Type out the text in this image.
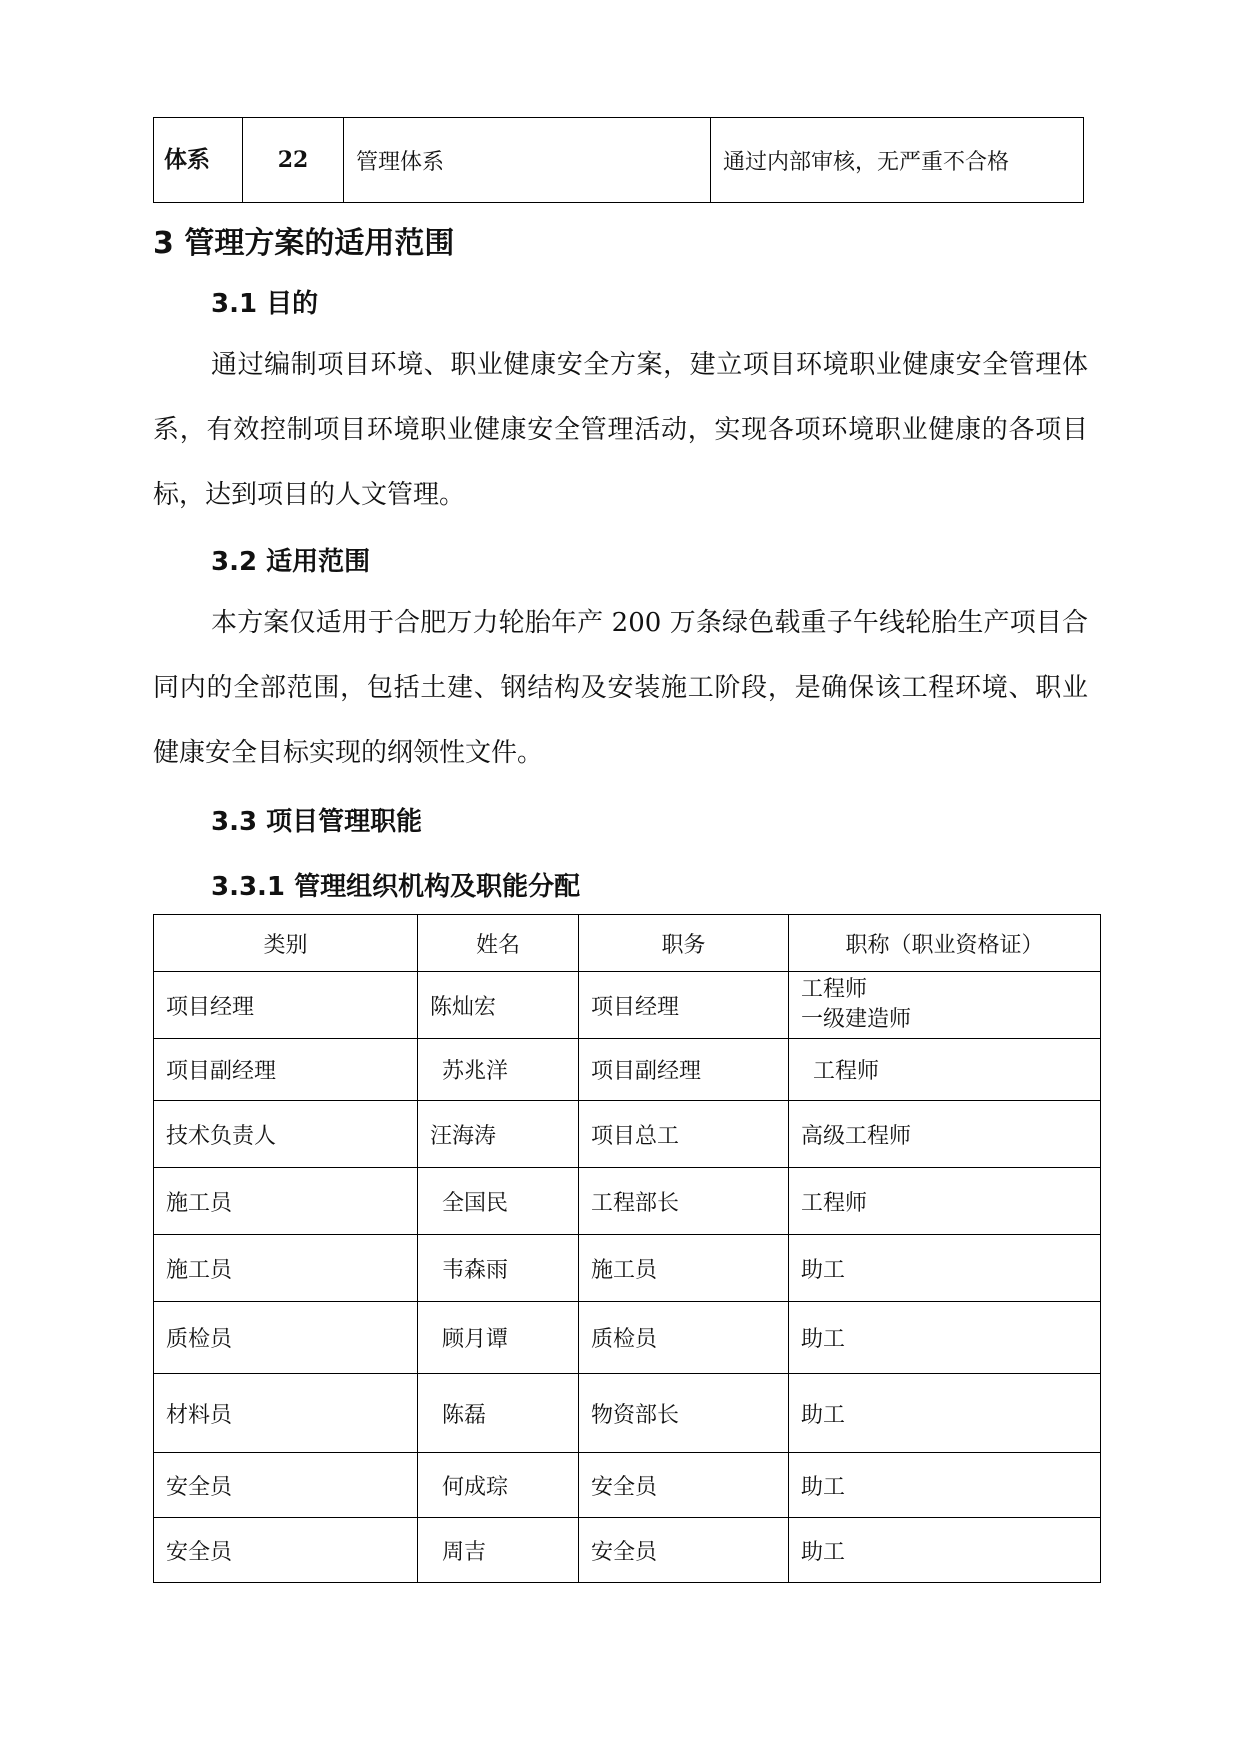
体系	22	管理体系	通过内部审核，无严重不合格
3 管理方案的适用范围
3.1 目的
通过编制项目环境、职业健康安全方案，建立项目环境职业健康安全管理体系，有效控制项目环境职业健康安全管理活动，实现各项环境职业健康的各项目标，达到项目的人文管理。
3.2 适用范围
本方案仅适用于合肥万力轮胎年产 200 万条绿色载重子午线轮胎生产项目合同内的全部范围，包括土建、钢结构及安装施工阶段，是确保该工程环境、职业健康安全目标实现的纲领性文件。
3.3 项目管理职能
3.3.1 管理组织机构及职能分配
类别	姓名	职务	职称（职业资格证）
项目经理	陈灿宏	项目经理	工程师
一级建造师

项目副经理	苏兆洋	项目副经理	工程师
技术负责人	汪海涛	项目总工	高级工程师
施工员	全国民	工程部长	工程师
施工员	韦森雨	施工员	助工
质检员	顾月谭	质检员	助工
材料员	陈磊	物资部长	助工
安全员	何成琮	安全员	助工
安全员	周吉	安全员	助工
